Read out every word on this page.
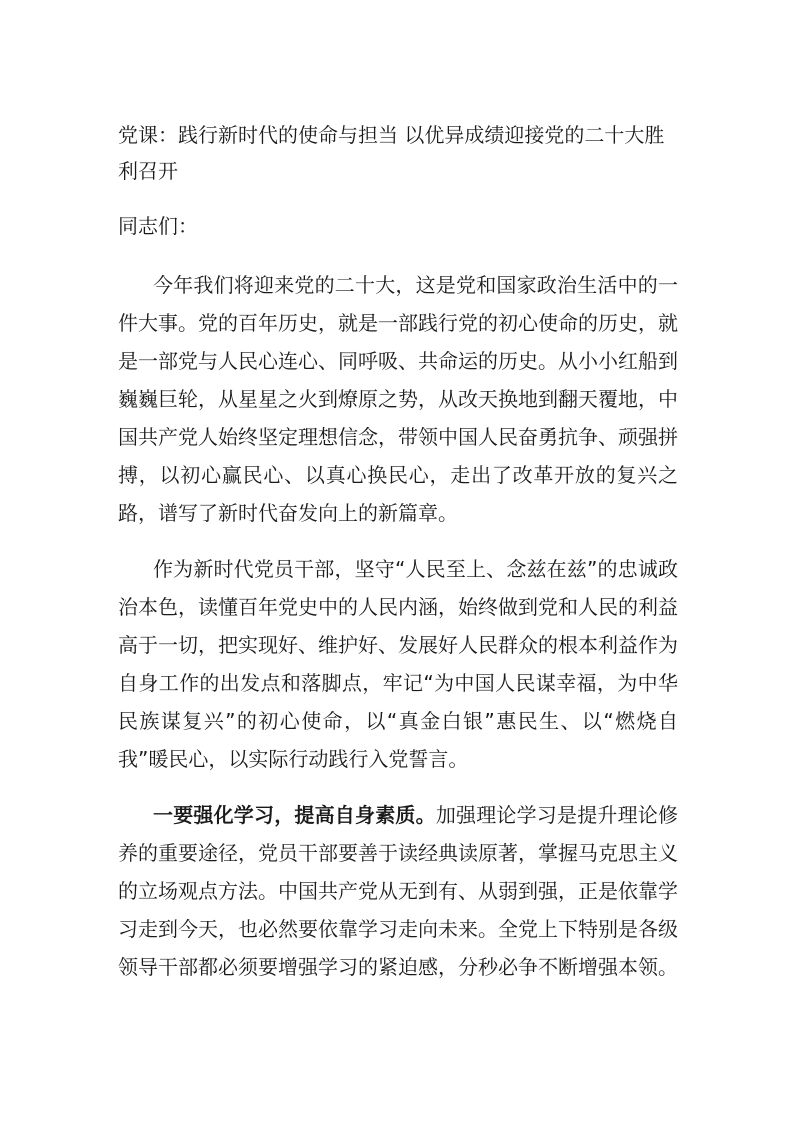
党课：践行新时代的使命与担当 以优异成绩迎接党的二十大胜利召开

同志们：

今年我们将迎来党的二十大，这是党和国家政治生活中的一件大事。党的百年历史，就是一部践行党的初心使命的历史，就是一部党与人民心连心、同呼吸、共命运的历史。从小小红船到巍巍巨轮，从星星之火到燎原之势，从改天换地到翻天覆地，中国共产党人始终坚定理想信念，带领中国人民奋勇抗争、顽强拼搏，以初心赢民心、以真心换民心，走出了改革开放的复兴之路，谱写了新时代奋发向上的新篇章。

作为新时代党员干部，坚守“人民至上、念兹在兹”的忠诚政治本色，读懂百年党史中的人民内涵，始终做到党和人民的利益高于一切，把实现好、维护好、发展好人民群众的根本利益作为自身工作的出发点和落脚点，牢记“为中国人民谋幸福，为中华民族谋复兴”的初心使命，以“真金白银”惠民生、以“燃烧自我”暖民心，以实际行动践行入党誓言。

一要强化学习，提高自身素质。加强理论学习是提升理论修养的重要途径，党员干部要善于读经典读原著，掌握马克思主义的立场观点方法。中国共产党从无到有、从弱到强，正是依靠学习走到今天，也必然要依靠学习走向未来。全党上下特别是各级领导干部都必须要增强学习的紧迫感，分秒必争不断增强本领。
